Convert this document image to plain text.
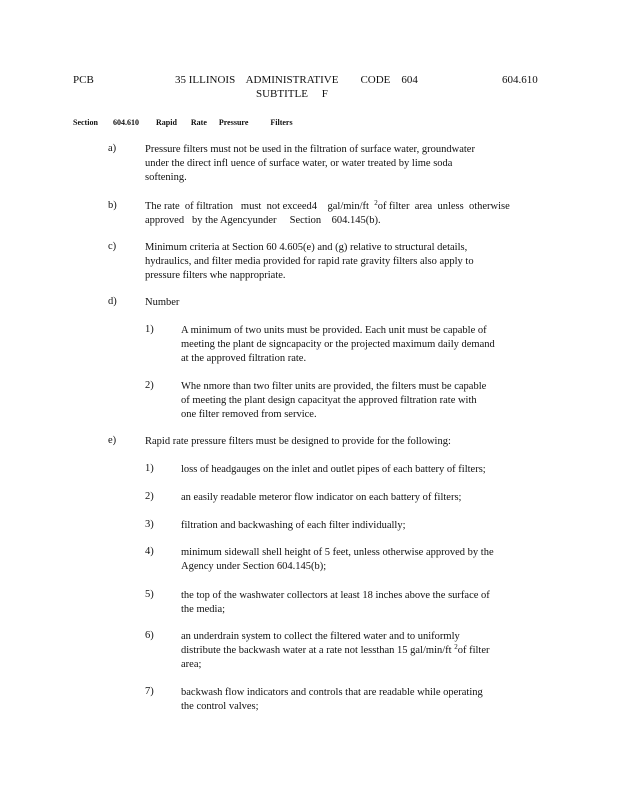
PCB	35 ILLINOIS    ADMINISTRATIVE        CODE    604
SUBTITLE     F
604.610
Section 604.610 Rapid       Rate      Pressure           Filters
a)	Pressure filters must not be used in the filtration of surface water, groundwater
under the direct infl uence of surface water, or water treated by lime soda
softening.
b)	The rate  of filtration   must  not exceed4    gal/min/ft $^2$of filter  area  unless  otherwise
approved   by the Agencyunder     Section    604.145(b).
c)	Minimum criteria at Section 60 4.605(e) and (g) relative to structural details,
hydraulics, and filter media provided for rapid rate gravity filters also apply to
pressure filters whe nappropriate.
d)	Number
1)	A minimum of two units must be provided. Each unit must be capable of
meeting the plant de signcapacity or the projected maximum daily demand
at the approved filtration rate.
2)	Whe nmore than two filter units are provided, the filters must be capable
of meeting the plant design capacityat the approved filtration rate with
one filter removed from service.
e)	Rapid rate pressure filters must be designed to provide for the following:
1)	loss of headgauges on the inlet and outlet pipes of each battery of filters;
2)	an easily readable meteror flow indicator on each battery of filters;
3)	filtration and backwashing of each filter individually;
4)	minimum sidewall shell height of 5 feet, unless otherwise approved by the
Agency under Section 604.145(b);
5)	the top of the washwater collectors at least 18 inches above the surface of
the media;
6)	an underdrain system to collect the filtered water and to uniformly
distribute the backwash water at a rate not lessthan 15 gal/min/ft $^2$of filter
area;
7)	backwash flow indicators and controls that are readable while operating
the control valves;
